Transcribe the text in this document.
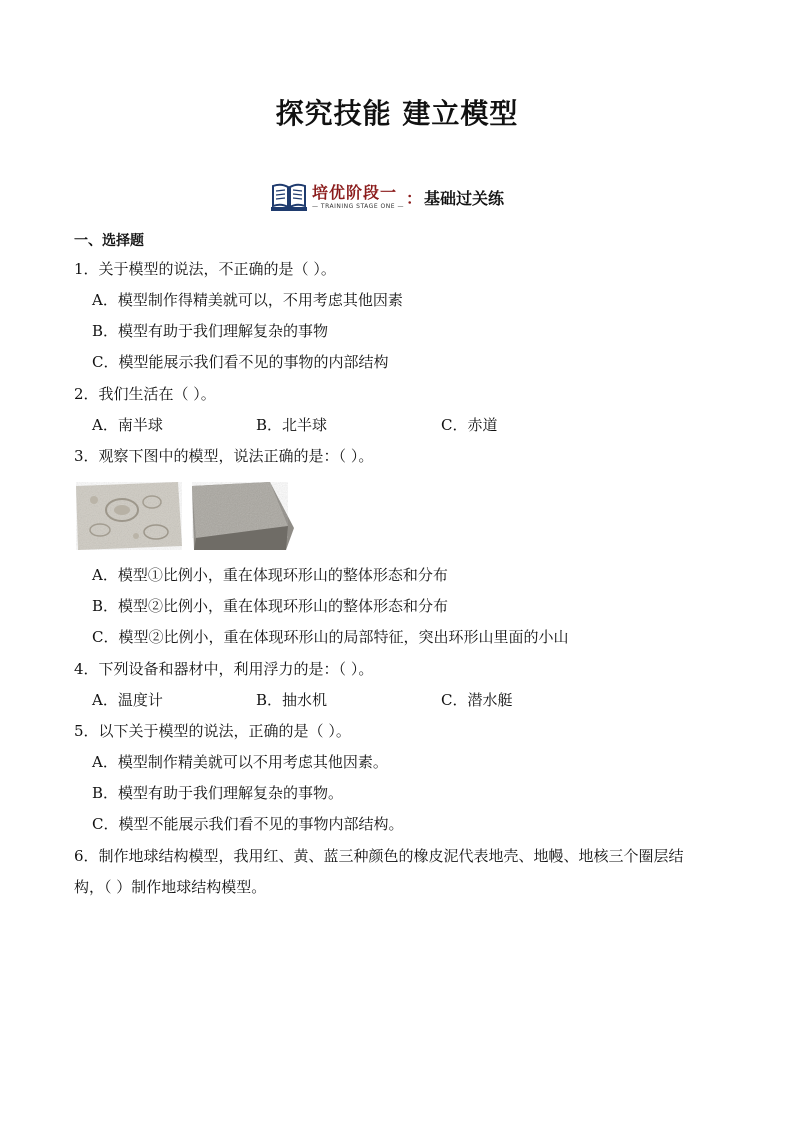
探究技能 建立模型
培优阶段一
— TRAINING STAGE ONE — ： 基础过关练
一、选择题
1．关于模型的说法，不正确的是（ ）。
A．模型制作得精美就可以，不用考虑其他因素
B．模型有助于我们理解复杂的事物
C．模型能展示我们看不见的事物的内部结构
2．我们生活在（ ）。
A．南半球	B．北半球	C．赤道
3．观察下图中的模型，说法正确的是：（ ）。
A．模型①比例小，重在体现环形山的整体形态和分布
B．模型②比例小，重在体现环形山的整体形态和分布
C．模型②比例小，重在体现环形山的局部特征，突出环形山里面的小山
4．下列设备和器材中，利用浮力的是：（ ）。
A．温度计	B．抽水机	C．潜水艇
5．以下关于模型的说法，正确的是（ ）。
A．模型制作精美就可以不用考虑其他因素。
B．模型有助于我们理解复杂的事物。
C．模型不能展示我们看不见的事物内部结构。
6．制作地球结构模型，我用红、黄、蓝三种颜色的橡皮泥代表地壳、地幔、地核三个圈层结
构，（ ）制作地球结构模型。
